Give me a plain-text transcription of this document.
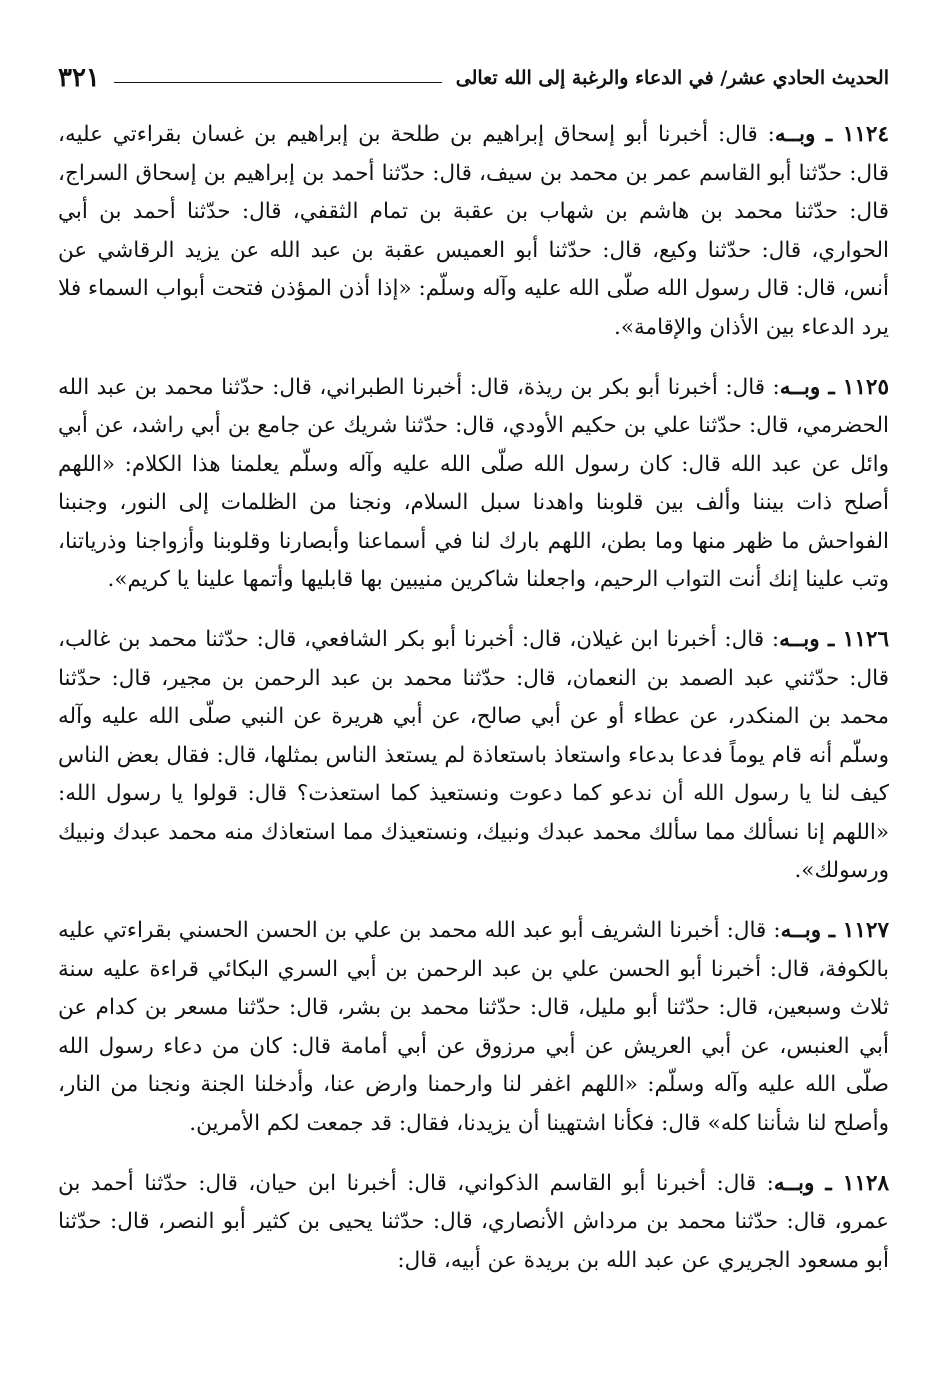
الحديث الحادي عشر/ في الدعاء والرغبة إلى الله تعالى
٣٢١

١١٢٤ ـ وبــه: قال: أخبرنا أبو إسحاق إبراهيم بن طلحة بن إبراهيم بن غسان بقراءتي عليه، قال: حدّثنا أبو القاسم عمر بن محمد بن سيف، قال: حدّثنا أحمد بن إبراهيم بن إسحاق السراج، قال: حدّثنا محمد بن هاشم بن شهاب بن عقبة بن تمام الثقفي، قال: حدّثنا أحمد بن أبي الحواري، قال: حدّثنا وكيع، قال: حدّثنا أبو العميس عقبة بن عبد الله عن يزيد الرقاشي عن أنس، قال: قال رسول الله صلّى الله عليه وآله وسلّم: «إذا أذن المؤذن فتحت أبواب السماء فلا يرد الدعاء بين الأذان والإقامة».

١١٢٥ ـ وبــه: قال: أخبرنا أبو بكر بن ريذة، قال: أخبرنا الطبراني، قال: حدّثنا محمد بن عبد الله الحضرمي، قال: حدّثنا علي بن حكيم الأودي، قال: حدّثنا شريك عن جامع بن أبي راشد، عن أبي وائل عن عبد الله قال: كان رسول الله صلّى الله عليه وآله وسلّم يعلمنا هذا الكلام: «اللهم أصلح ذات بيننا وألف بين قلوبنا واهدنا سبل السلام، ونجنا من الظلمات إلى النور، وجنبنا الفواحش ما ظهر منها وما بطن، اللهم بارك لنا في أسماعنا وأبصارنا وقلوبنا وأزواجنا وذرياتنا، وتب علينا إنك أنت التواب الرحيم، واجعلنا شاكرين منيبين بها قابليها وأتمها علينا يا كريم».

١١٢٦ ـ وبــه: قال: أخبرنا ابن غيلان، قال: أخبرنا أبو بكر الشافعي، قال: حدّثنا محمد بن غالب، قال: حدّثني عبد الصمد بن النعمان، قال: حدّثنا محمد بن عبد الرحمن بن مجير، قال: حدّثنا محمد بن المنكدر، عن عطاء أو عن أبي صالح، عن أبي هريرة عن النبي صلّى الله عليه وآله وسلّم أنه قام يوماً فدعا بدعاء واستعاذ باستعاذة لم يستعذ الناس بمثلها، قال: فقال بعض الناس كيف لنا يا رسول الله أن ندعو كما دعوت ونستعيذ كما استعذت؟ قال: قولوا يا رسول الله: «اللهم إنا نسألك مما سألك محمد عبدك ونبيك، ونستعيذك مما استعاذك منه محمد عبدك ونبيك ورسولك».

١١٢٧ ـ وبــه: قال: أخبرنا الشريف أبو عبد الله محمد بن علي بن الحسن الحسني بقراءتي عليه بالكوفة، قال: أخبرنا أبو الحسن علي بن عبد الرحمن بن أبي السري البكائي قراءة عليه سنة ثلاث وسبعين، قال: حدّثنا أبو مليل، قال: حدّثنا محمد بن بشر، قال: حدّثنا مسعر بن كدام عن أبي العنبس، عن أبي العريش عن أبي مرزوق عن أبي أمامة قال: كان من دعاء رسول الله صلّى الله عليه وآله وسلّم: «اللهم اغفر لنا وارحمنا وارض عنا، وأدخلنا الجنة ونجنا من النار، وأصلح لنا شأننا كله» قال: فكأنا اشتهينا أن يزيدنا، فقال: قد جمعت لكم الأمرين.

١١٢٨ ـ وبــه: قال: أخبرنا أبو القاسم الذكواني، قال: أخبرنا ابن حيان، قال: حدّثنا أحمد بن عمرو، قال: حدّثنا محمد بن مرداش الأنصاري، قال: حدّثنا يحيى بن كثير أبو النصر، قال: حدّثنا أبو مسعود الجريري عن عبد الله بن بريدة عن أبيه، قال:
